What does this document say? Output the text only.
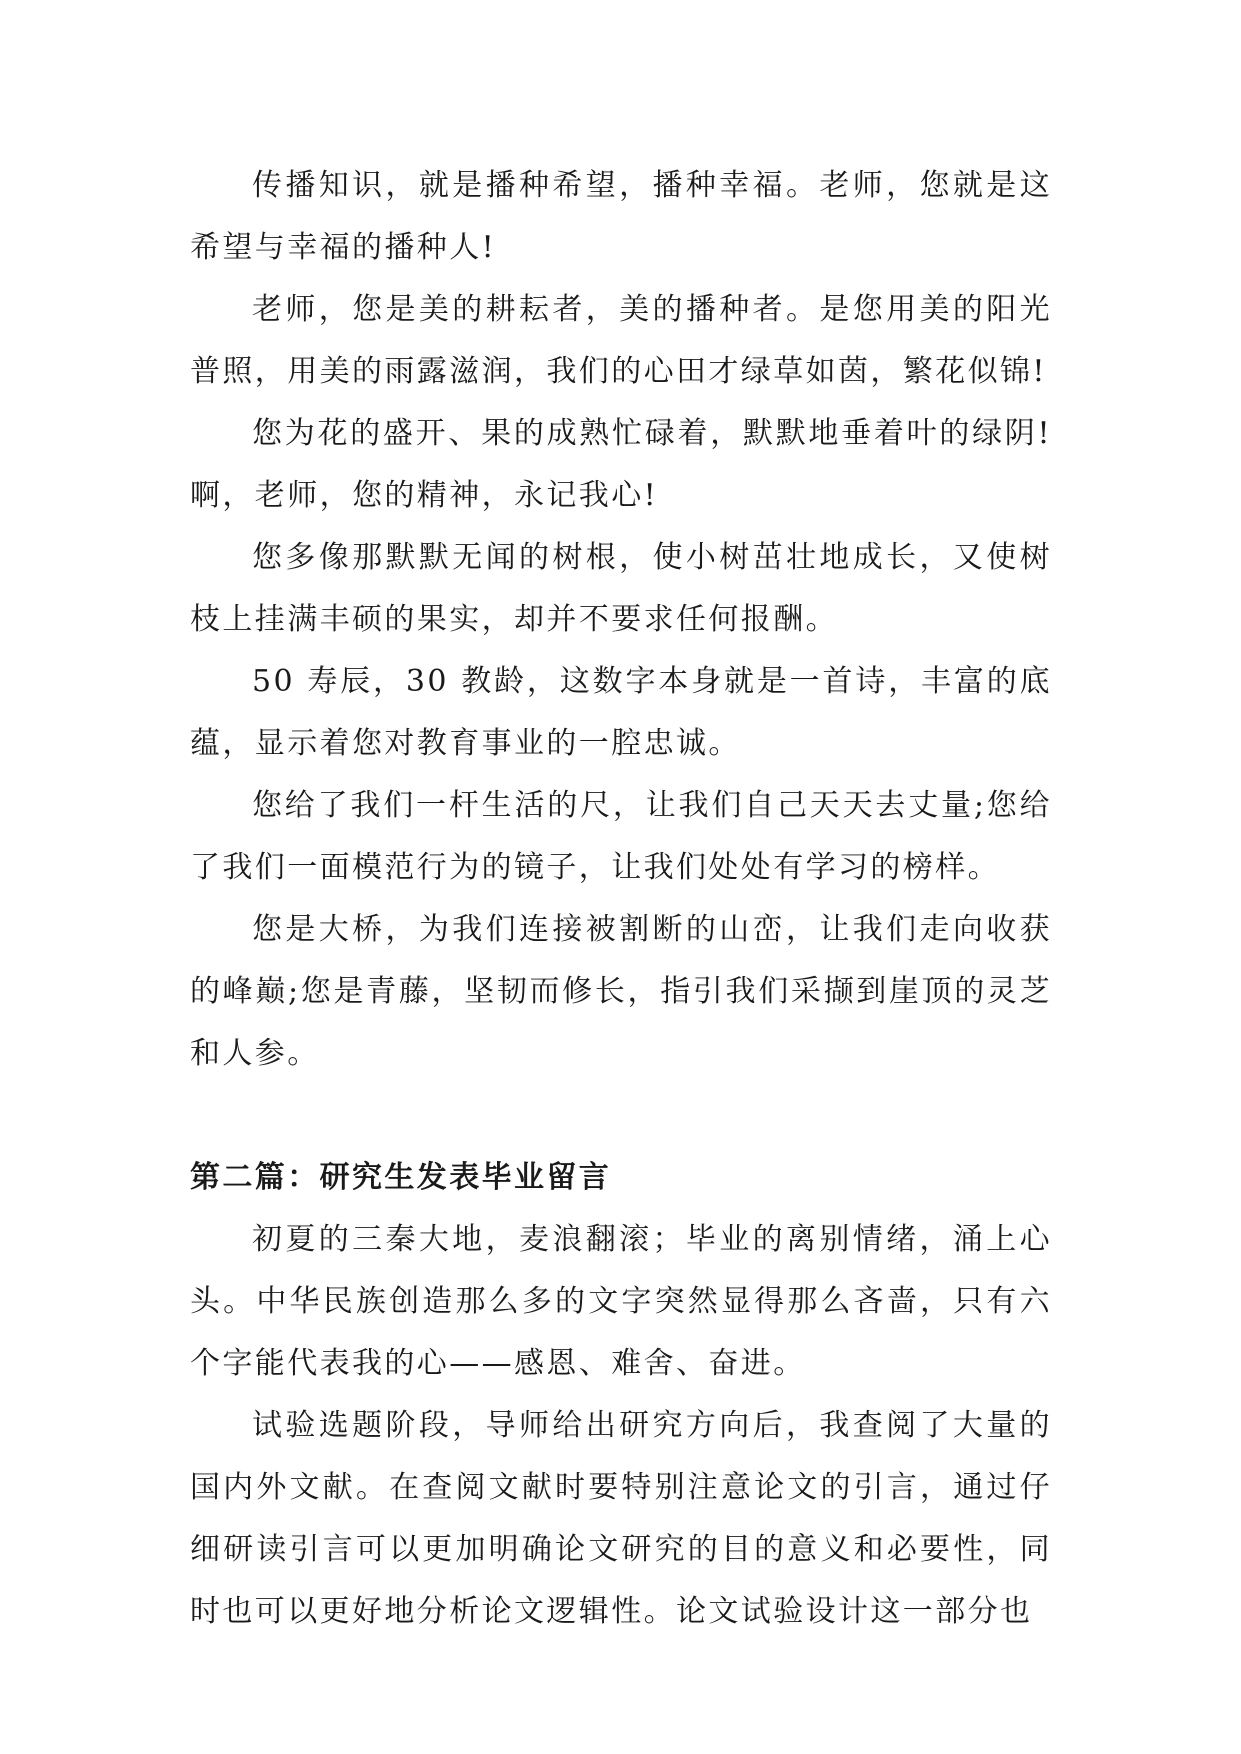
传播知识，就是播种希望，播种幸福。老师，您就是这希望与幸福的播种人!

老师，您是美的耕耘者，美的播种者。是您用美的阳光普照，用美的雨露滋润，我们的心田才绿草如茵，繁花似锦!

您为花的盛开、果的成熟忙碌着，默默地垂着叶的绿阴!啊，老师，您的精神，永记我心!

您多像那默默无闻的树根，使小树茁壮地成长，又使树枝上挂满丰硕的果实，却并不要求任何报酬。

50 寿辰，30 教龄，这数字本身就是一首诗，丰富的底蕴，显示着您对教育事业的一腔忠诚。

您给了我们一杆生活的尺，让我们自己天天去丈量;您给了我们一面模范行为的镜子，让我们处处有学习的榜样。

您是大桥，为我们连接被割断的山峦，让我们走向收获的峰巅;您是青藤，坚韧而修长，指引我们采撷到崖顶的灵芝和人参。

第二篇：研究生发表毕业留言

初夏的三秦大地，麦浪翻滚；毕业的离别情绪，涌上心头。中华民族创造那么多的文字突然显得那么吝啬，只有六个字能代表我的心——感恩、难舍、奋进。

试验选题阶段，导师给出研究方向后，我查阅了大量的国内外文献。在查阅文献时要特别注意论文的引言，通过仔细研读引言可以更加明确论文研究的目的意义和必要性，同时也可以更好地分析论文逻辑性。论文试验设计这一部分也
